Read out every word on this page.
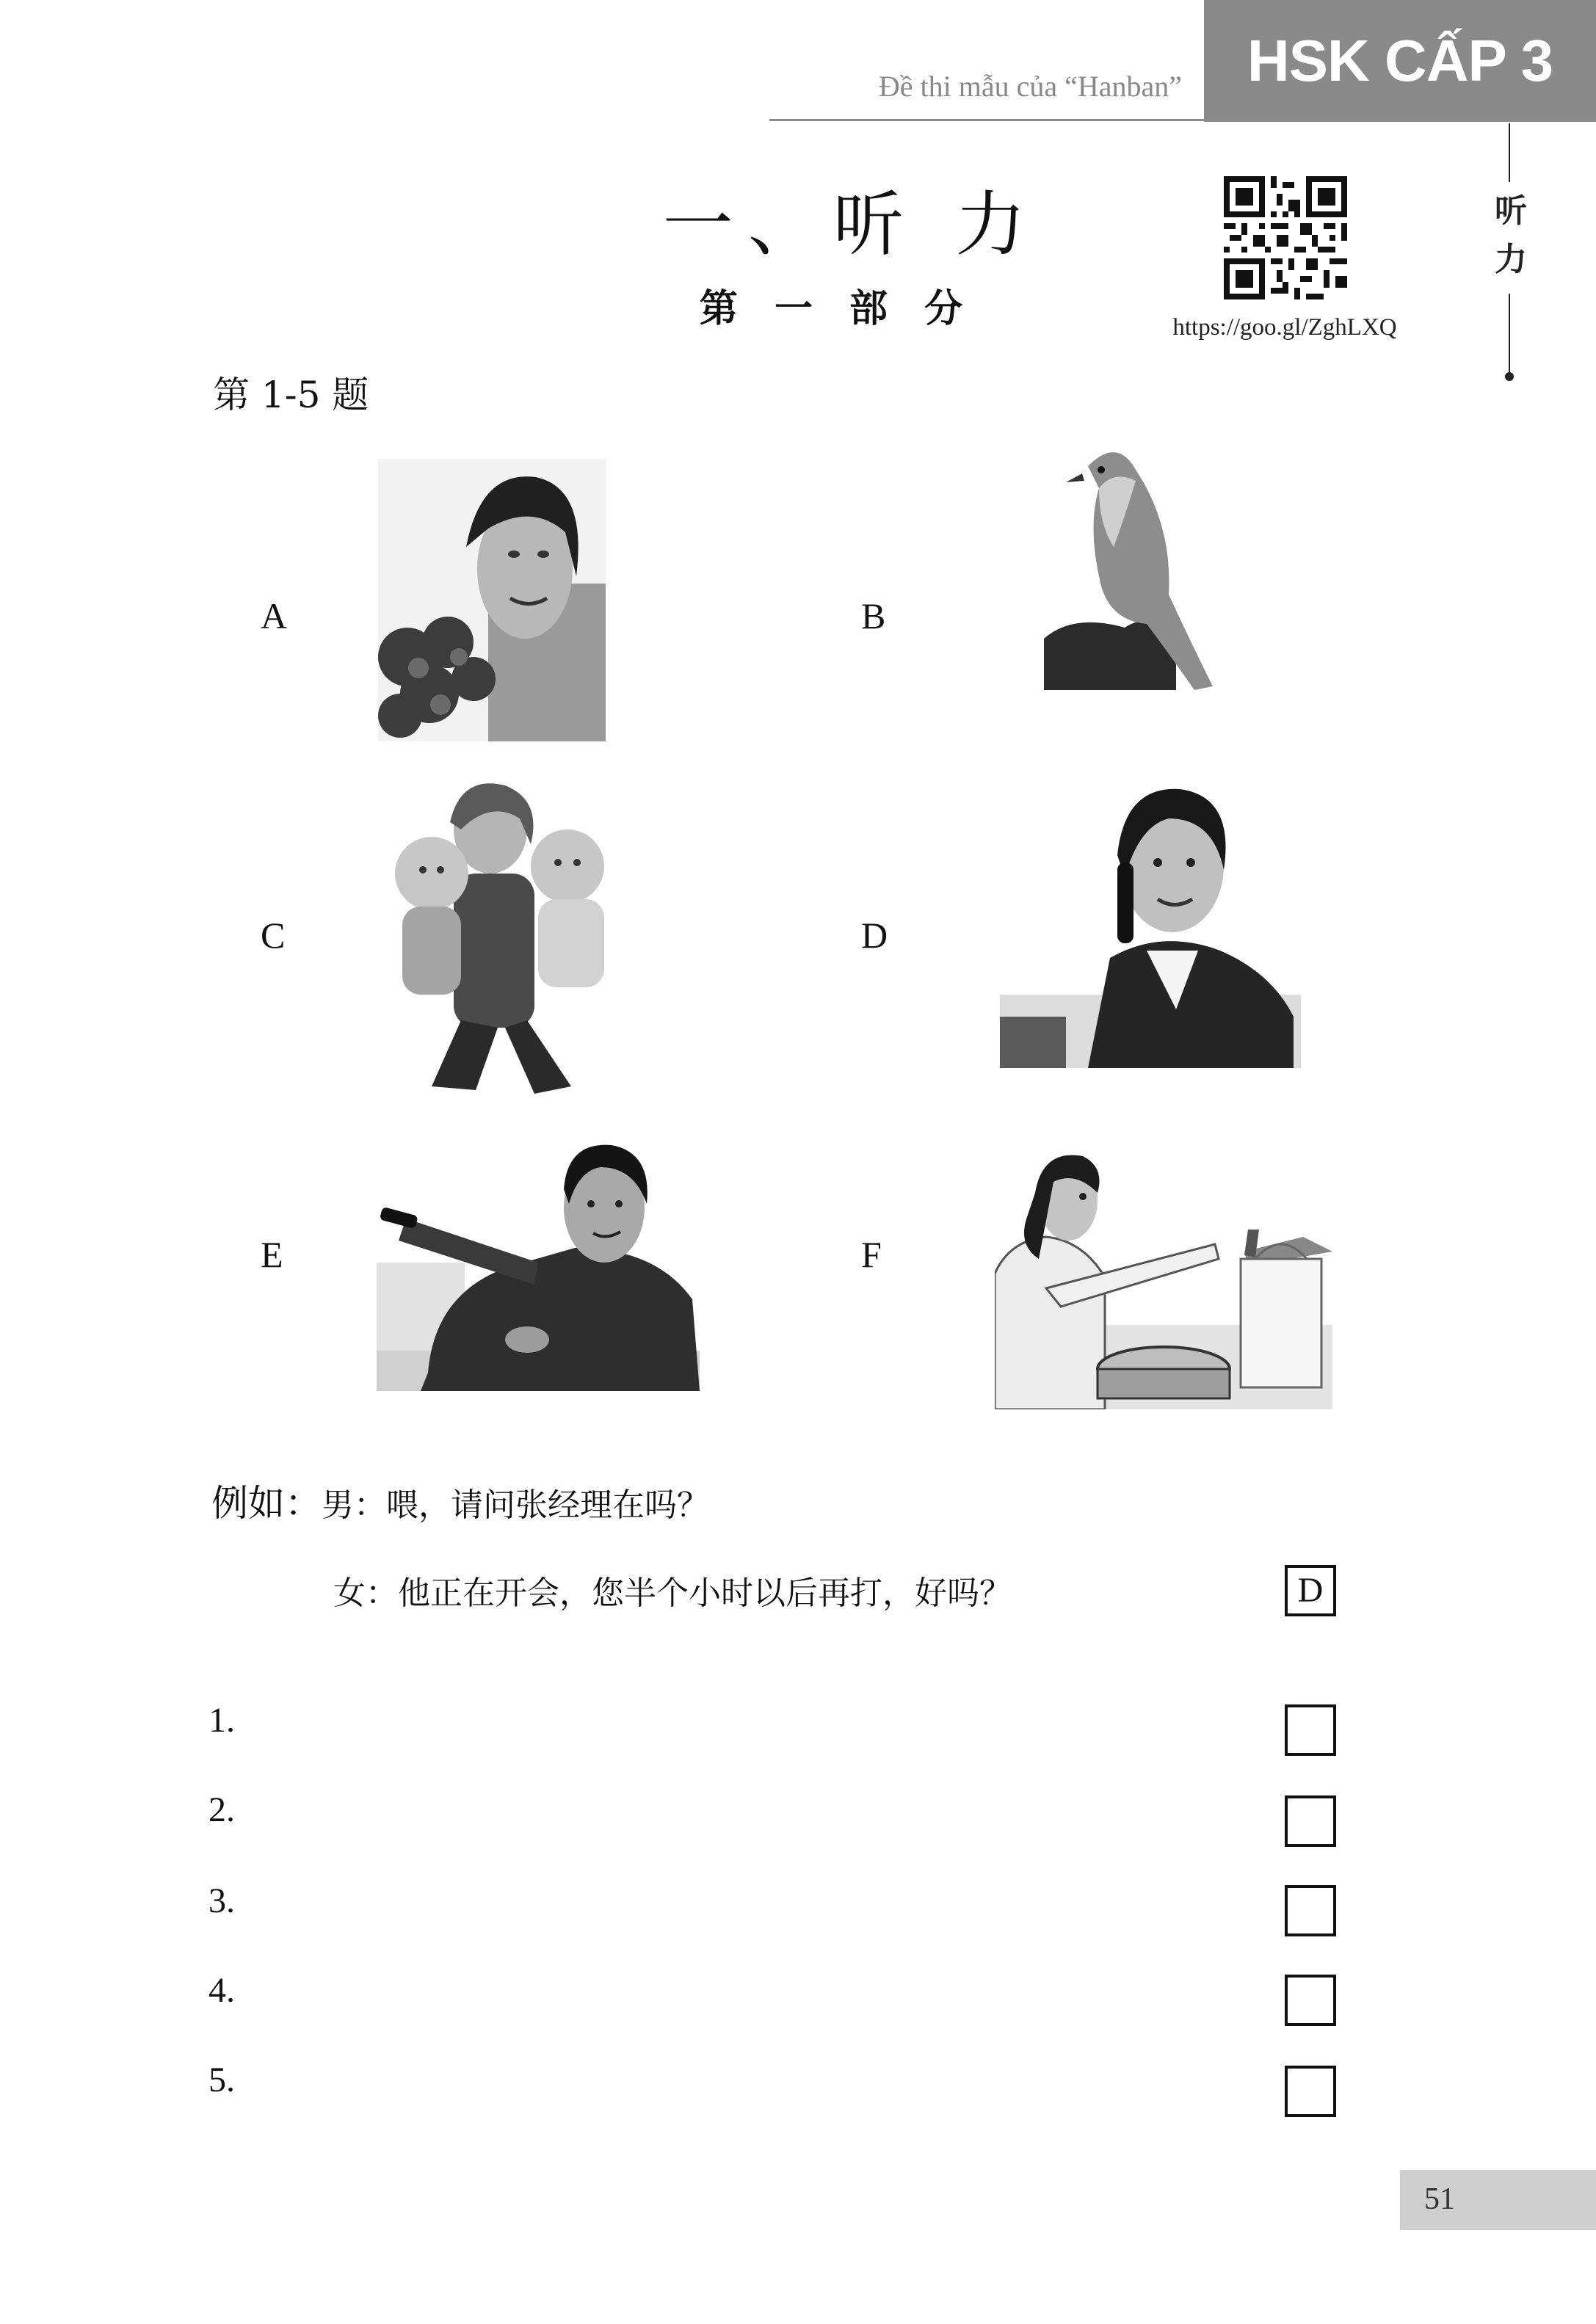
Đề thi mẫu của “Hanban” HSK CẤP 3
听
力
一、听 力
第 一 部 分	https://goo.gl/ZghLXQ
第 1-5 题
A	B
C	D
E	F
例如：男：喂，请问张经理在吗？
女：他正在开会，您半个小时以后再打，好吗？	D
1.
2.
3.
4.
5.
51
